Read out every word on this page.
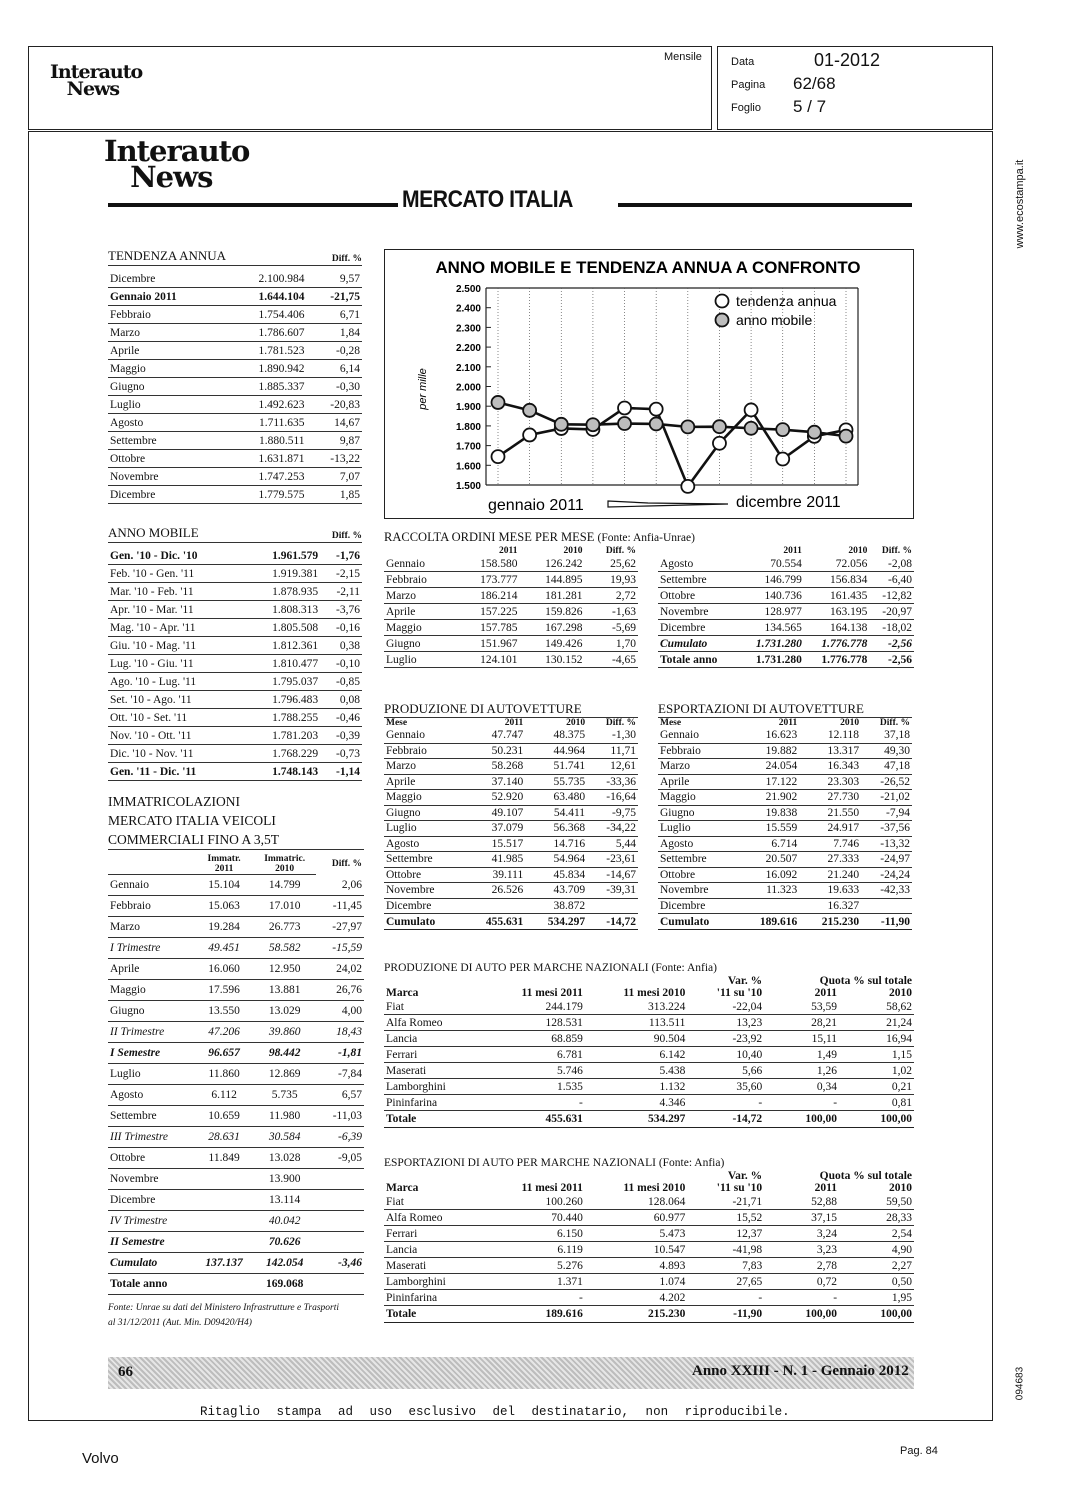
Interauto
News
Mensile	Data	01-2012
Pagina 62/68
Foglio 5 / 7
www.ecostampa.it
094683
Interauto
News
MERCATO ITALIA
TENDENZA ANNUA	Diff. %
Dicembre	2.100.984	9,57
Gennaio 2011	1.644.104	-21,75
Febbraio	1.754.406	6,71
Marzo	1.786.607	1,84
Aprile	1.781.523	-0,28
Maggio	1.890.942	6,14
Giugno	1.885.337	-0,30
Luglio	1.492.623	-20,83
Agosto	1.711.635	14,67
Settembre	1.880.511	9,87
Ottobre	1.631.871	-13,22
Novembre	1.747.253	7,07
Dicembre	1.779.575	1,85
ANNO MOBILE	Diff. %
Gen. '10 - Dic. '10	1.961.579	-1,76
Feb. '10 - Gen. '11	1.919.381	-2,15
Mar. '10 - Feb. '11	1.878.935	-2,11
Apr. '10 - Mar. '11	1.808.313	-3,76
Mag. '10 - Apr. '11	1.805.508	-0,16
Giu. '10 - Mag. '11	1.812.361	0,38
Lug. '10 - Giu. '11	1.810.477	-0,10
Ago. '10 - Lug. '11	1.795.037	-0,85
Set. '10 - Ago. '11	1.796.483	0,08
Ott. '10 - Set. '11	1.788.255	-0,46
Nov. '10 - Ott. '11	1.781.203	-0,39
Dic. '10 - Nov. '11	1.768.229	-0,73
Gen. '11 - Dic. '11	1.748.143	-1,14
IMMATRICOLAZIONI
MERCATO ITALIA VEICOLI
COMMERCIALI FINO A 3,5T
	Immatr.	Immatric.	Diff. %
	2011	2010	
Gennaio	15.104	14.799	2,06
Febbraio	15.063	17.010	-11,45
Marzo	19.284	26.773	-27,97
I Trimestre	49.451	58.582	-15,59
Aprile	16.060	12.950	24,02
Maggio	17.596	13.881	26,76
Giugno	13.550	13.029	4,00
II Trimestre	47.206	39.860	18,43
I Semestre	96.657	98.442	-1,81
Luglio	11.860	12.869	-7,84
Agosto	6.112	5.735	6,57
Settembre	10.659	11.980	-11,03
III Trimestre	28.631	30.584	-6,39
Ottobre	11.849	13.028	-9,05
Novembre		13.900	
Dicembre		13.114	
IV Trimestre		40.042	
II Semestre		70.626	
Cumulato	137.137	142.054	-3,46
Totale anno		169.068	
Fonte: Unrae su dati del Ministero Infrastrutture e Trasporti al 31/12/2011 (Aut. Min. D09420/H4)
ANNO MOBILE E TENDENZA ANNUA A CONFRONTO
2.500
2.400
2.300
2.200
2.100
2.000
1.900
1.800
1.700
1.600
1.500
per mille
tendenza annua
anno mobile
gennaio 2011	dicembre 2011
RACCOLTA ORDINI MESE PER MESE (Fonte: Anfia-Unrae)
	2011	2010	Diff. %
Gennaio	158.580	126.242	25,62
Febbraio	173.777	144.895	19,93
Marzo	186.214	181.281	2,72
Aprile	157.225	159.826	-1,63
Maggio	157.785	167.298	-5,69
Giugno	151.967	149.426	1,70
Luglio	124.101	130.152	-4,65
	2011	2010	Diff. %
Agosto	70.554	72.056	-2,08
Settembre	146.799	156.834	-6,40
Ottobre	140.736	161.435	-12,82
Novembre	128.977	163.195	-20,97
Dicembre	134.565	164.138	-18,02
Cumulato	1.731.280	1.776.778	-2,56
Totale anno	1.731.280	1.776.778	-2,56
PRODUZIONE DI AUTOVETTURE
Mese	2011	2010	Diff. %
Gennaio	47.747	48.375	-1,30
Febbraio	50.231	44.964	11,71
Marzo	58.268	51.741	12,61
Aprile	37.140	55.735	-33,36
Maggio	52.920	63.480	-16,64
Giugno	49.107	54.411	-9,75
Luglio	37.079	56.368	-34,22
Agosto	15.517	14.716	5,44
Settembre	41.985	54.964	-23,61
Ottobre	39.111	45.834	-14,67
Novembre	26.526	43.709	-39,31
Dicembre		38.872	
Cumulato	455.631	534.297	-14,72
ESPORTAZIONI DI AUTOVETTURE
Mese	2011	2010	Diff. %
Gennaio	16.623	12.118	37,18
Febbraio	19.882	13.317	49,30
Marzo	24.054	16.343	47,18
Aprile	17.122	23.303	-26,52
Maggio	21.902	27.730	-21,02
Giugno	19.838	21.550	-7,94
Luglio	15.559	24.917	-37,56
Agosto	6.714	7.746	-13,32
Settembre	20.507	27.333	-24,97
Ottobre	16.092	21.240	-24,24
Novembre	11.323	19.633	-42,33
Dicembre		16.327	
Cumulato	189.616	215.230	-11,90
PRODUZIONE DI AUTO PER MARCHE NAZIONALI (Fonte: Anfia)
			Var. %	Quota % sul totale	
Marca	11 mesi 2011	11 mesi 2010	'11 su '10	2011	2010
Fiat	244.179	313.224	-22,04	53,59	58,62
Alfa Romeo	128.531	113.511	13,23	28,21	21,24
Lancia	68.859	90.504	-23,92	15,11	16,94
Ferrari	6.781	6.142	10,40	1,49	1,15
Maserati	5.746	5.438	5,66	1,26	1,02
Lamborghini	1.535	1.132	35,60	0,34	0,21
Pininfarina	-	4.346	-	-	0,81
Totale	455.631	534.297	-14,72	100,00	100,00
ESPORTAZIONI DI AUTO PER MARCHE NAZIONALI (Fonte: Anfia)
			Var. %	Quota % sul totale	
Marca	11 mesi 2011	11 mesi 2010	'11 su '10	2011	2010
Fiat	100.260	128.064	-21,71	52,88	59,50
Alfa Romeo	70.440	60.977	15,52	37,15	28,33
Ferrari	6.150	5.473	12,37	3,24	2,54
Lancia	6.119	10.547	-41,98	3,23	4,90
Maserati	5.276	4.893	7,83	2,78	2,27
Lamborghini	1.371	1.074	27,65	0,72	0,50
Pininfarina	-	4.202	-	-	1,95
Totale	189.616	215.230	-11,90	100,00	100,00
66	Anno XXIII - N. 1 - Gennaio 2012
Ritaglio stampa ad uso esclusivo del destinatario, non riproducibile.
Volvo	Pag. 84
